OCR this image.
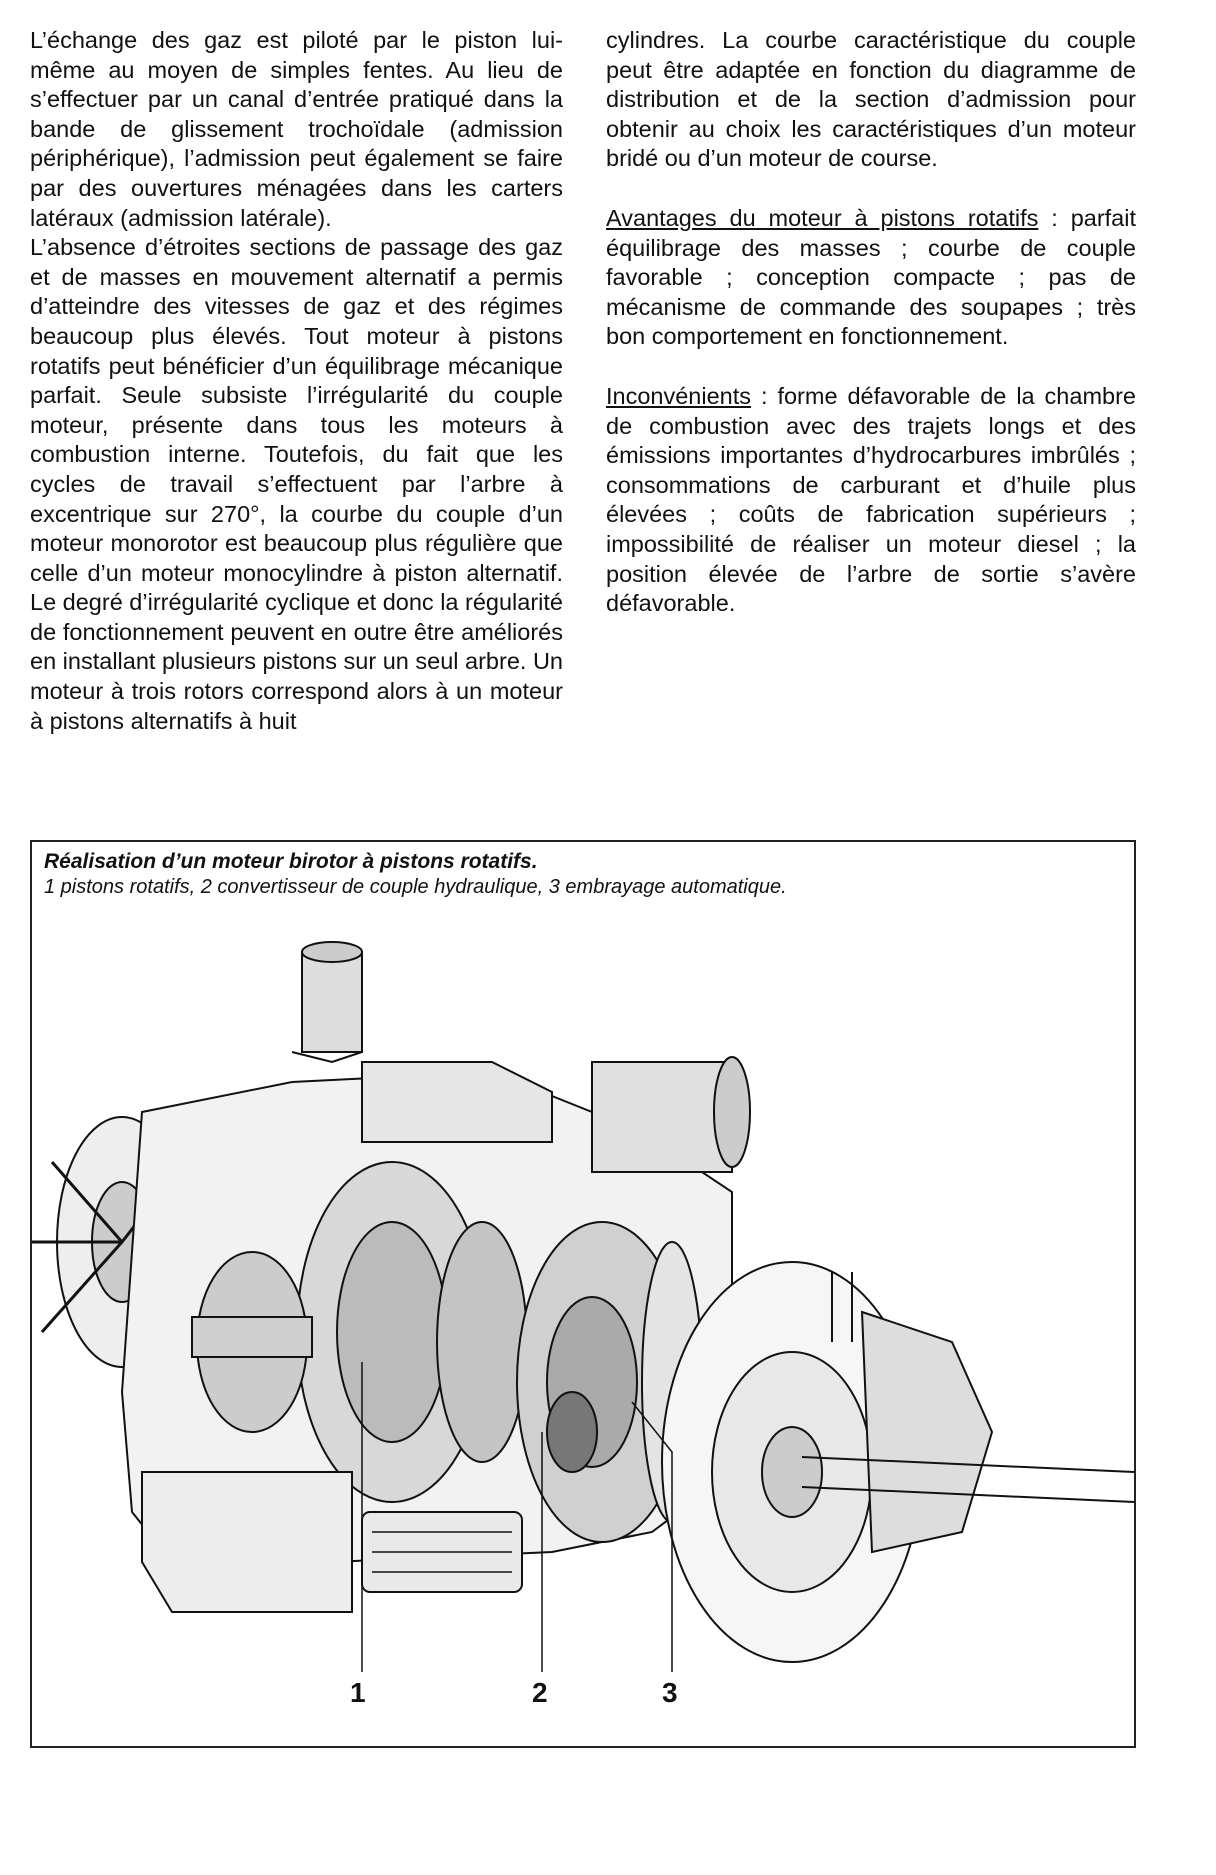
L’échange des gaz est piloté par le piston lui-même au moyen de simples fentes. Au lieu de s’effectuer par un canal d’entrée pratiqué dans la bande de glissement trochoïdale (admission périphérique), l’admission peut également se faire par des ouvertures ménagées dans les carters latéraux (admission latérale).

L’absence d’étroites sections de passage des gaz et de masses en mouvement alternatif a permis d’atteindre des vitesses de gaz et des régimes beaucoup plus élevés. Tout moteur à pistons rotatifs peut bénéficier d’un équilibrage mécanique parfait. Seule subsiste l’irrégularité du couple moteur, présente dans tous les moteurs à combustion interne. Toutefois, du fait que les cycles de travail s’effectuent par l’arbre à excentrique sur 270°, la courbe du couple d’un moteur monorotor est beaucoup plus régulière que celle d’un moteur monocylindre à piston alternatif. Le degré d’irrégularité cyclique et donc la régularité de fonctionnement peuvent en outre être améliorés en installant plusieurs pistons sur un seul arbre. Un moteur à trois rotors correspond alors à un moteur à pistons alternatifs à huit

cylindres. La courbe caractéristique du couple peut être adaptée en fonction du diagramme de distribution et de la section d’admission pour obtenir au choix les caractéristiques d’un moteur bridé ou d’un moteur de course.

Avantages du moteur à pistons rotatifs : parfait équilibrage des masses ; courbe de couple favorable ; conception compacte ; pas de mécanisme de commande des soupapes ; très bon comportement en fonctionnement.

Inconvénients : forme défavorable de la chambre de combustion avec des trajets longs et des émissions importantes d’hydrocarbures imbrûlés ; consommations de carburant et d’huile plus élevées ; coûts de fabrication supérieurs ; impossibilité de réaliser un moteur diesel ; la position élevée de l’arbre de sortie s’avère défavorable.

Réalisation d’un moteur birotor à pistons rotatifs.
1 pistons rotatifs, 2 convertisseur de couple hydraulique, 3 embrayage automatique.
1	2	3
